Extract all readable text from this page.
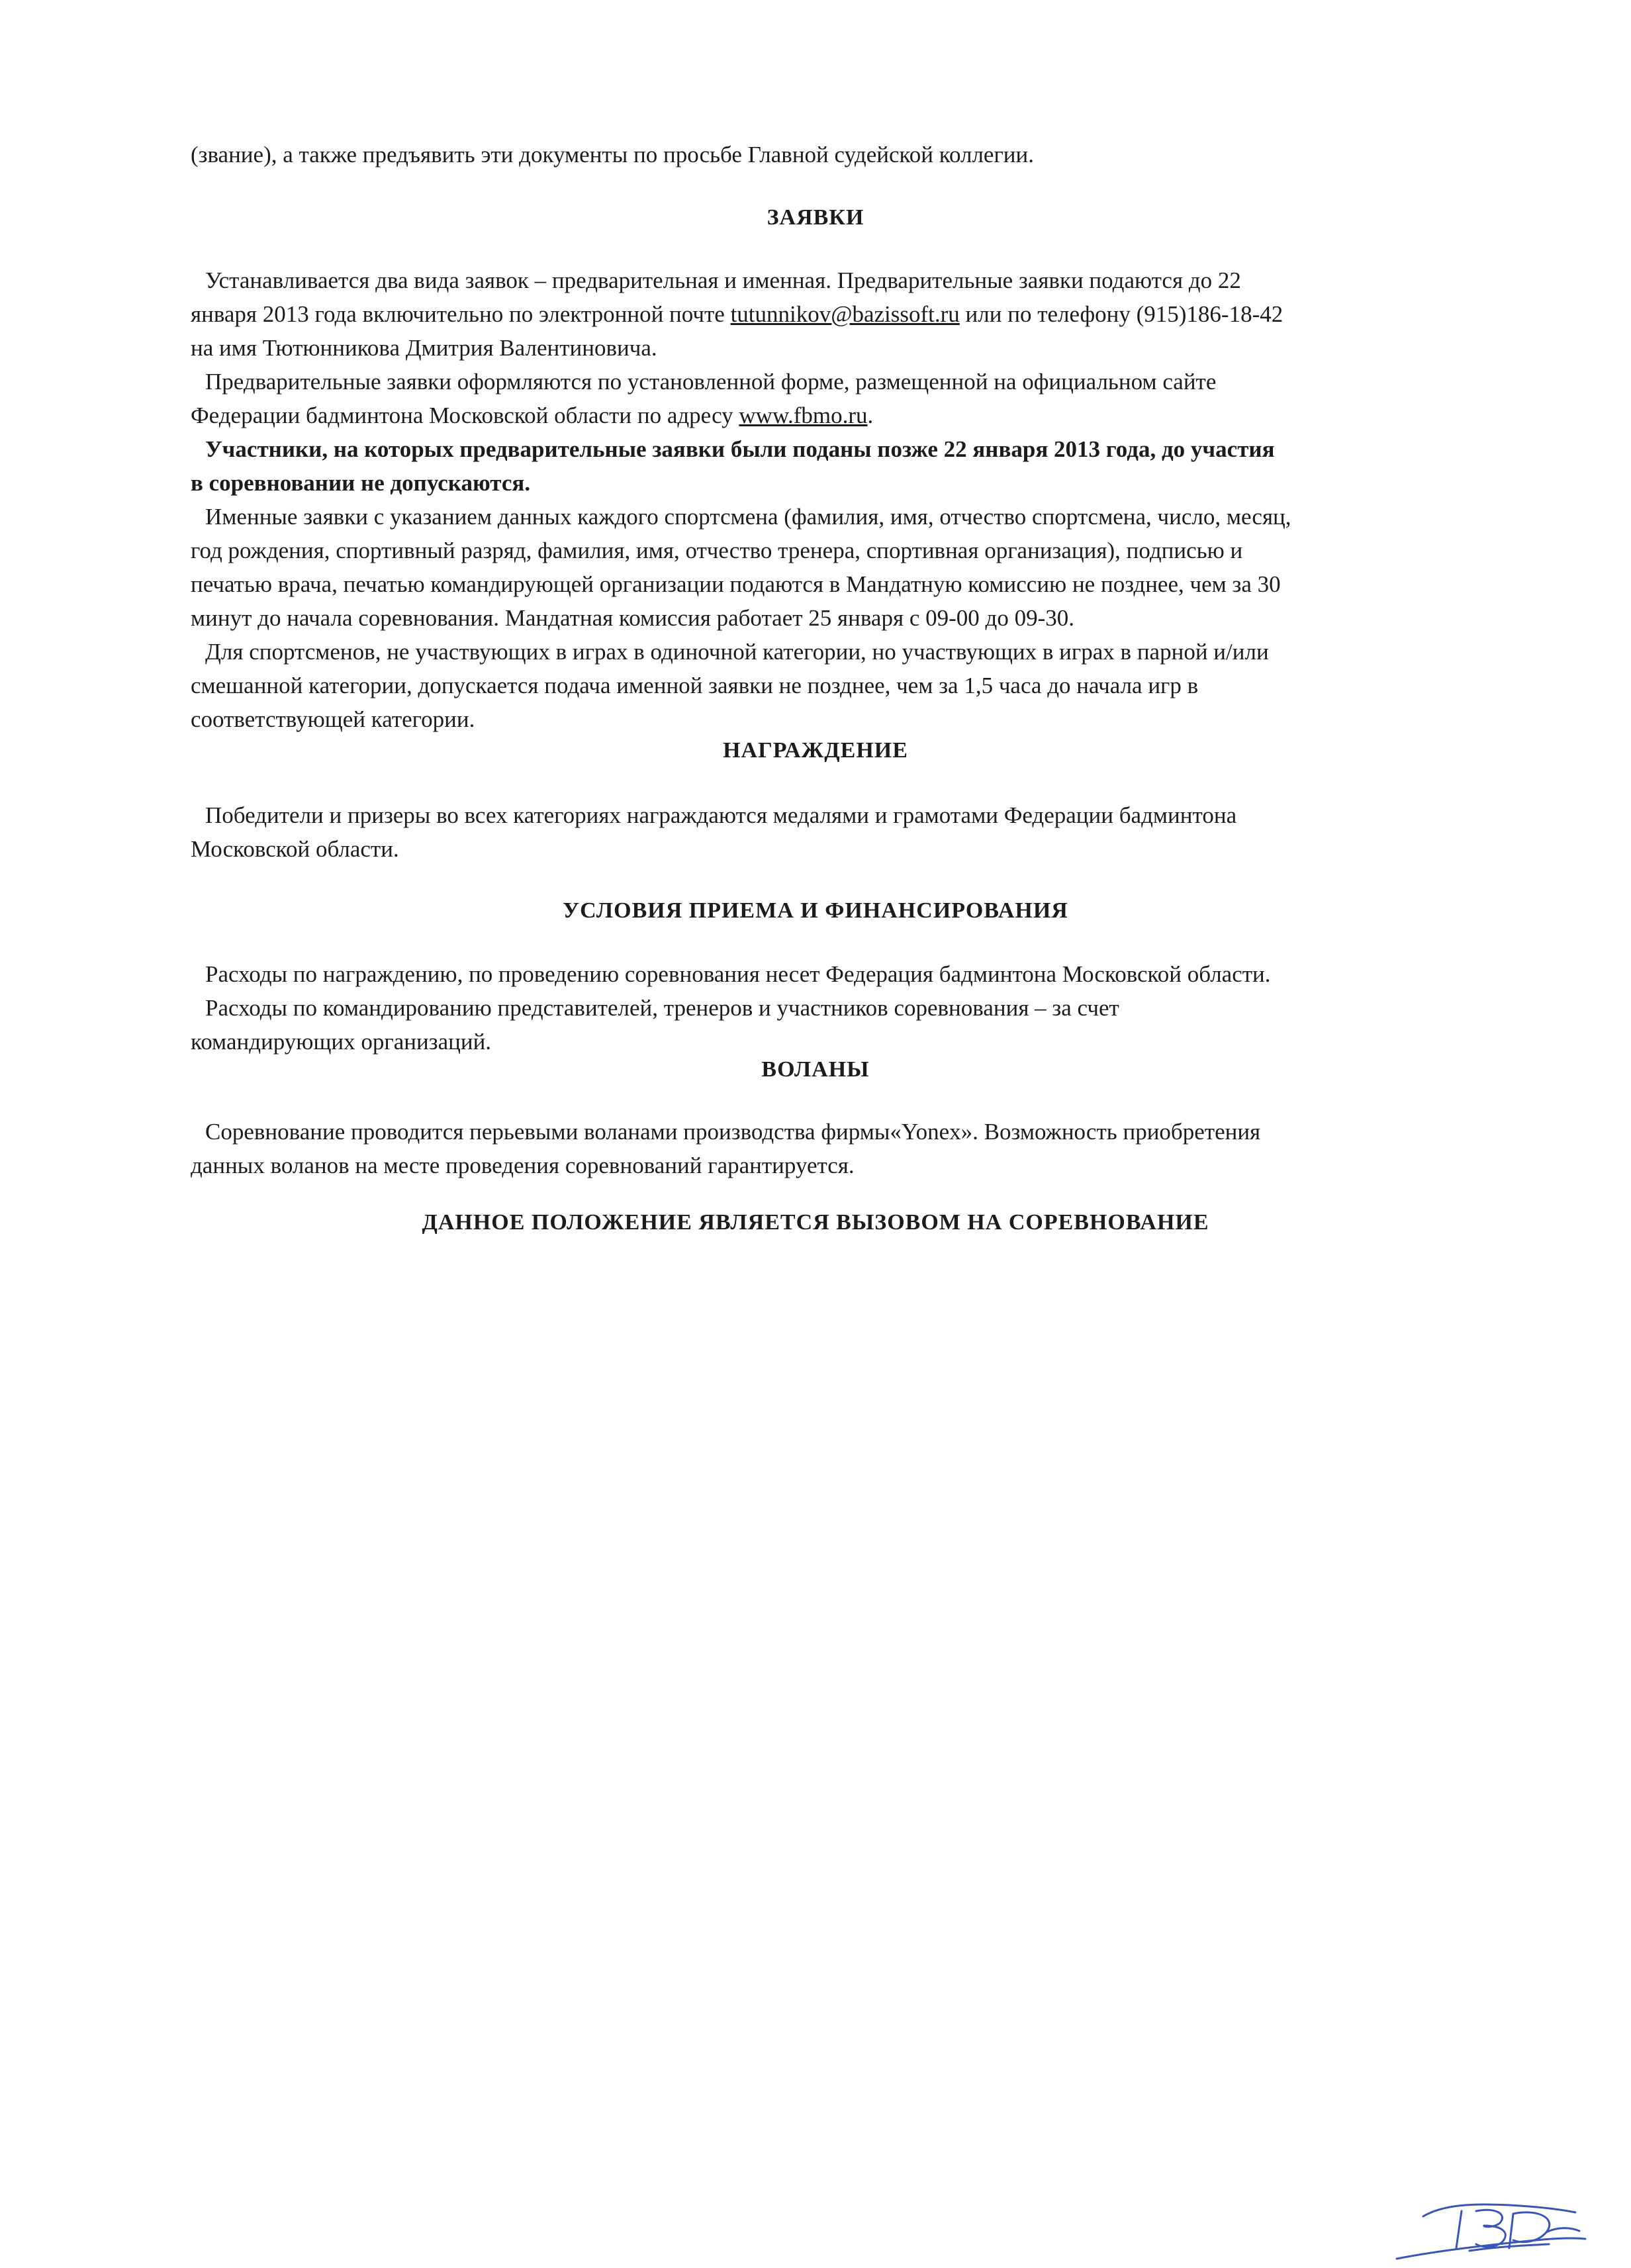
(звание), а также предъявить эти документы по просьбе Главной судейской коллегии.

ЗАЯВКИ
Устанавливается два вида заявок – предварительная и именная. Предварительные заявки подаются до 22
января 2013 года включительно по электронной почте tutunnikov@bazissoft.ru или по телефону (915)186-18-42
на имя Тютюнникова Дмитрия Валентиновича.
Предварительные заявки оформляются по установленной форме, размещенной на официальном сайте
Федерации бадминтона Московской области по адресу www.fbmo.ru.
Участники, на которых предварительные заявки были поданы позже 22 января 2013 года, до участия
в соревновании не допускаются.
Именные заявки с указанием данных каждого спортсмена (фамилия, имя, отчество спортсмена, число, месяц,
год рождения, спортивный разряд, фамилия, имя, отчество тренера, спортивная организация), подписью и
печатью врача, печатью командирующей организации подаются в Мандатную комиссию не позднее, чем за 30
минут до начала соревнования. Мандатная комиссия работает 25 января с 09-00 до 09-30.
Для спортсменов, не участвующих в играх в одиночной категории, но участвующих в играх в парной и/или
смешанной категории, допускается подача именной заявки не позднее, чем за 1,5 часа до начала игр в
соответствующей категории.
НАГРАЖДЕНИЕ
Победители и призеры во всех категориях награждаются медалями и грамотами Федерации бадминтона
Московской области.
УСЛОВИЯ ПРИЕМА И ФИНАНСИРОВАНИЯ
Расходы по награждению, по проведению соревнования несет Федерация бадминтона Московской области.
Расходы по командированию представителей, тренеров и участников соревнования – за счет
командирующих организаций.
ВОЛАНЫ
Соревнование проводится перьевыми воланами производства фирмы«Yonex». Возможность приобретения
данных воланов на месте проведения соревнований гарантируется.
ДАННОЕ ПОЛОЖЕНИЕ ЯВЛЯЕТСЯ ВЫЗОВОМ НА СОРЕВНОВАНИЕ
